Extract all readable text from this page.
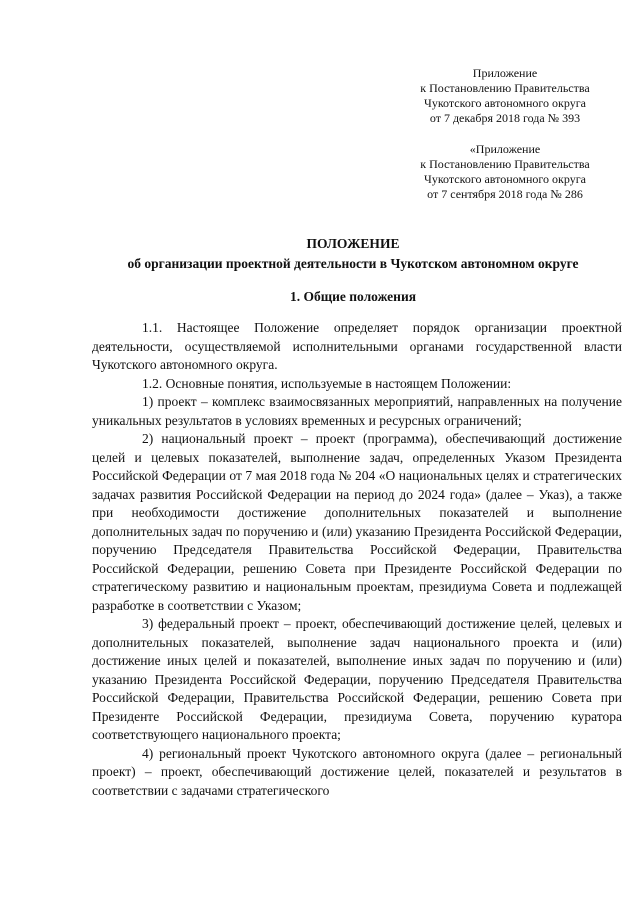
Приложение
к Постановлению Правительства
Чукотского автономного округа
от 7 декабря 2018 года № 393
«Приложение
к Постановлению Правительства
Чукотского автономного округа
от 7 сентября 2018 года № 286
ПОЛОЖЕНИЕ
об организации проектной деятельности в Чукотском автономном округе
1. Общие положения

1.1. Настоящее Положение определяет порядок организации проектной деятельности, осуществляемой исполнительными органами государственной власти Чукотского автономного округа.

1.2. Основные понятия, используемые в настоящем Положении:

1) проект – комплекс взаимосвязанных мероприятий, направленных на получение уникальных результатов в условиях временных и ресурсных ограничений;

2) национальный проект – проект (программа), обеспечивающий достижение целей и целевых показателей, выполнение задач, определенных Указом Президента Российской Федерации от 7 мая 2018 года № 204 «О национальных целях и стратегических задачах развития Российской Федерации на период до 2024 года» (далее – Указ), а также при необходимости достижение дополнительных показателей и выполнение дополнительных задач по поручению и (или) указанию Президента Российской Федерации, поручению Председателя Правительства Российской Федерации, Правительства Российской Федерации, решению Совета при Президенте Российской Федерации по стратегическому развитию и национальным проектам, президиума Совета и подлежащей разработке в соответствии с Указом;

3) федеральный проект – проект, обеспечивающий достижение целей, целевых и дополнительных показателей, выполнение задач национального проекта и (или) достижение иных целей и показателей, выполнение иных задач по поручению и (или) указанию Президента Российской Федерации, поручению Председателя Правительства Российской Федерации, Правительства Российской Федерации, решению Совета при Президенте Российской Федерации, президиума Совета, поручению куратора соответствующего национального проекта;

4) региональный проект Чукотского автономного округа (далее – региональный проект) – проект, обеспечивающий достижение целей, показателей и результатов в соответствии с задачами стратегического
